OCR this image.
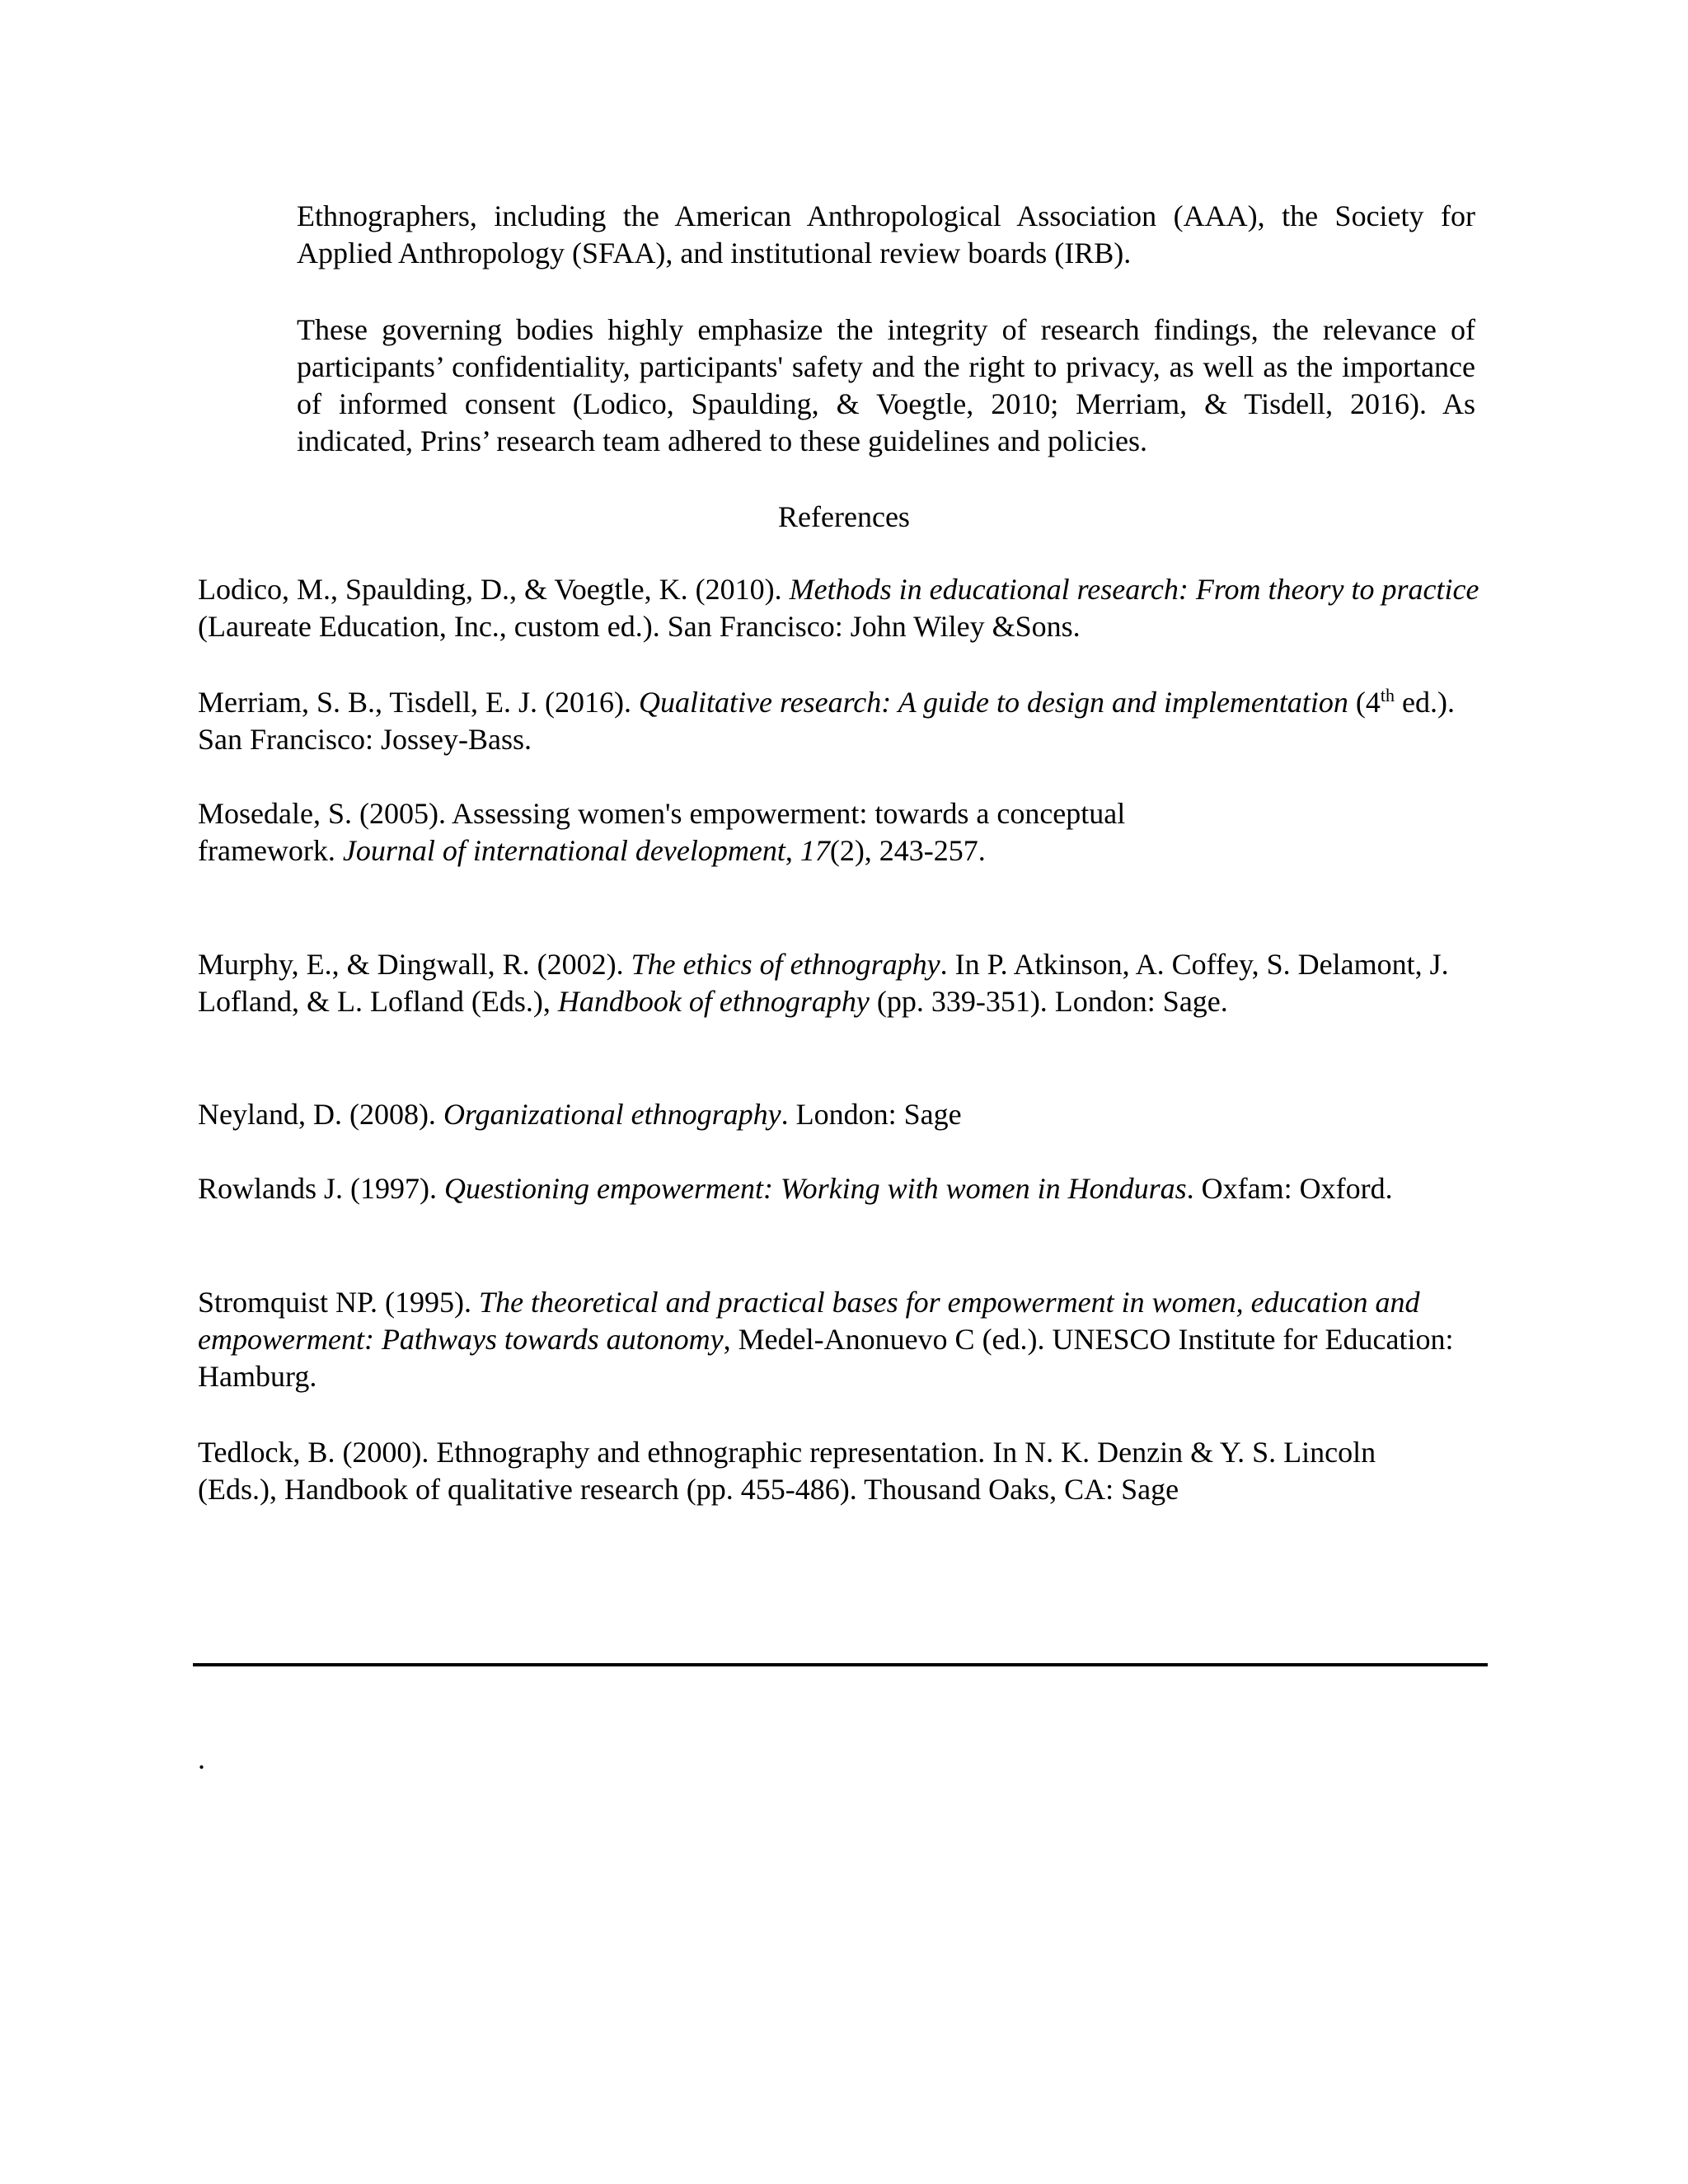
Ethnographers, including the American Anthropological Association (AAA), the Society for Applied Anthropology (SFAA), and institutional review boards (IRB).

These governing bodies highly emphasize the integrity of research findings, the relevance of participants’ confidentiality, participants' safety and the right to privacy, as well as the importance of informed consent (Lodico, Spaulding, & Voegtle, 2010; Merriam, & Tisdell, 2016). As indicated, Prins’ research team adhered to these guidelines and policies.

References
Lodico, M., Spaulding, D., & Voegtle, K. (2010). Methods in educational research: From theory to practice (Laureate Education, Inc., custom ed.). San Francisco: John Wiley &Sons.
Merriam, S. B., Tisdell, E. J. (2016). Qualitative research: A guide to design and implementation (4th ed.). San Francisco: Jossey-Bass.
Mosedale, S. (2005). Assessing women's empowerment: towards a conceptual framework. Journal of international development, 17(2), 243-257.
Murphy, E., & Dingwall, R. (2002). The ethics of ethnography. In P. Atkinson, A. Coffey, S. Delamont, J. Lofland, & L. Lofland (Eds.), Handbook of ethnography (pp. 339-351). London: Sage.
Neyland, D. (2008). Organizational ethnography. London: Sage
Rowlands J. (1997). Questioning empowerment: Working with women in Honduras. Oxfam: Oxford.
Stromquist NP. (1995). The theoretical and practical bases for empowerment in women, education and empowerment: Pathways towards autonomy, Medel-Anonuevo C (ed.). UNESCO Institute for Education: Hamburg.
Tedlock, B. (2000). Ethnography and ethnographic representation. In N. K. Denzin & Y. S. Lincoln (Eds.), Handbook of qualitative research (pp. 455-486). Thousand Oaks, CA: Sage
.
